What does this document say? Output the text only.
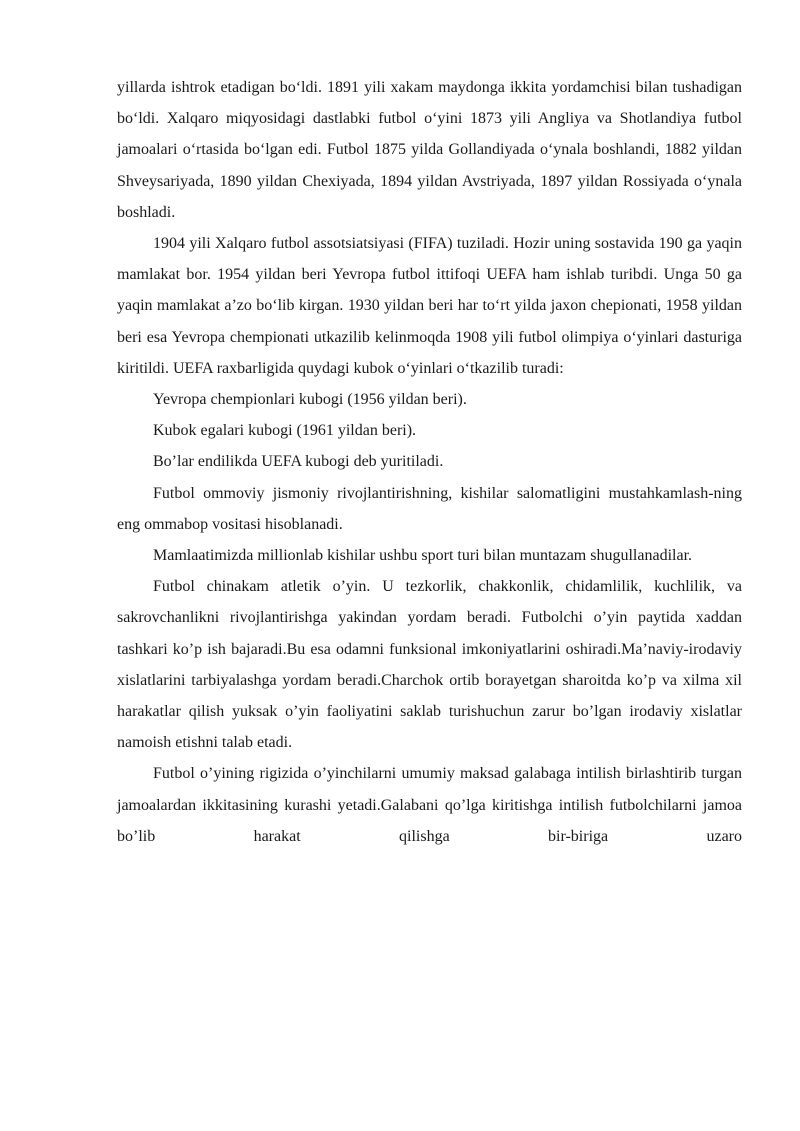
yillarda ishtrok etadigan bo‘ldi. 1891 yili xakam maydonga ikkita yordamchisi bilan tushadigan bo‘ldi. Xalqaro miqyosidagi dastlabki futbol o‘yini 1873 yili Angliya va Shotlandiya futbol jamoalari o‘rtasida bo‘lgan edi. Futbol 1875 yilda Gollandiyada o‘ynala boshlandi, 1882 yildan Shveysariyada, 1890 yildan Chexiyada, 1894 yildan Avstriyada, 1897 yildan Rossiyada o‘ynala boshladi.

1904 yili Xalqaro futbol assotsiatsiyasi (FIFA) tuziladi. Hozir uning sostavida 190 ga yaqin mamlakat bor. 1954 yildan beri Yevropa futbol ittifoqi UEFA ham ishlab turibdi. Unga 50 ga yaqin mamlakat a’zo bo‘lib kirgan. 1930 yildan beri har to‘rt yilda jaxon chepionati, 1958 yildan beri esa Yevropa chempionati utkazilib kelinmoqda 1908 yili futbol olimpiya o‘yinlari dasturiga kiritildi. UEFA raxbarligida quydagi kubok o‘yinlari o‘tkazilib turadi:

Yevropa chempionlari kubogi (1956 yildan beri).

Kubok egalari kubogi (1961 yildan beri).

Bo’lar endilikda UEFA kubogi deb yuritiladi.

Futbol ommoviy jismoniy rivojlantirishning, kishilar salomatligini mustahkamlash-ning eng ommabop vositasi hisoblanadi.

Mamlaatimizda millionlab kishilar ushbu sport turi bilan muntazam shugullanadilar.

Futbol chinakam atletik o’yin. U tezkorlik, chakkonlik, chidamlilik, kuchlilik, va sakrovchanlikni rivojlantirishga yakindan yordam beradi. Futbolchi o’yin paytida xaddan tashkari ko’p ish bajaradi.Bu esa odamni funksional imkoniyatlarini oshiradi.Ma’naviy-irodaviy xislatlarini tarbiyalashga yordam beradi.Charchok ortib borayetgan sharoitda ko’p va xilma xil harakatlar qilish yuksak o’yin faoliyatini saklab turishuchun zarur bo’lgan irodaviy xislatlar namoish etishni talab etadi.

Futbol o’yining rigizida o’yinchilarni umumiy maksad galabaga intilish birlashtirib turgan jamoalardan ikkitasining kurashi yetadi.Galabani qo’lga kiritishga intilish futbolchilarni jamoa bo’lib harakat qilishga bir-biriga uzaro
